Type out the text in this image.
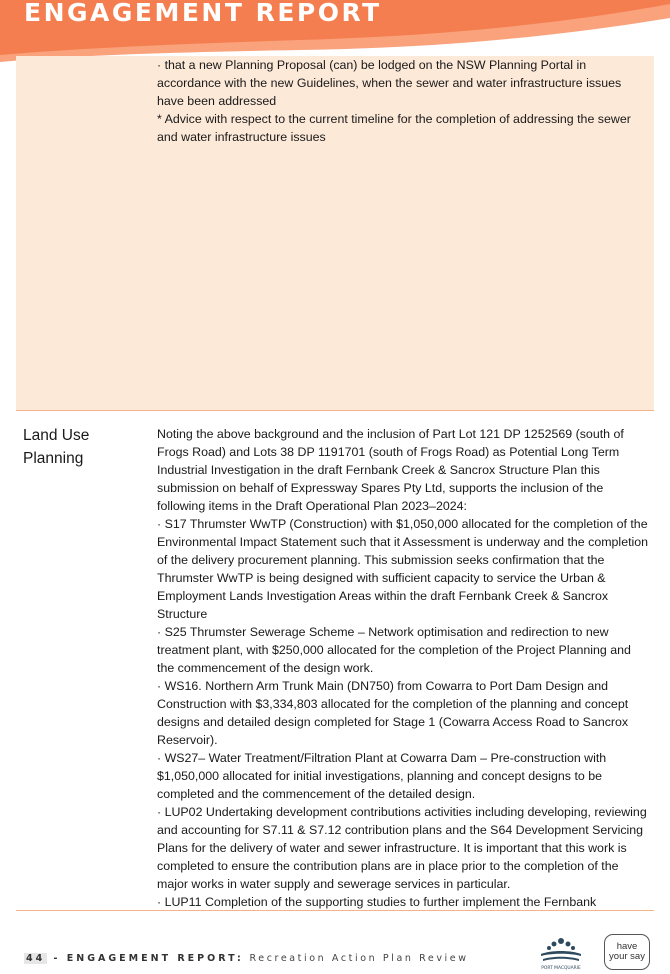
ENGAGEMENT REPORT

· that a new Planning Proposal (can) be lodged on the NSW Planning Portal in accordance with the new Guidelines, when the sewer and water infrastructure issues have been addressed

* Advice with respect to the current timeline for the completion of addressing the sewer and water infrastructure issues

Land Use Planning

Noting the above background and the inclusion of Part Lot 121 DP 1252569 (south of Frogs Road) and Lots 38 DP 1191701 (south of Frogs Road) as Potential Long Term Industrial Investigation in the draft Fernbank Creek & Sancrox Structure Plan this submission on behalf of Expressway Spares Pty Ltd, supports the inclusion of the following items in the Draft Operational Plan 2023–2024:

· S17 Thrumster WwTP (Construction) with $1,050,000 allocated for the completion of the Environmental Impact Statement such that it Assessment is underway and the completion of the delivery procurement planning. This submission seeks confirmation that the Thrumster WwTP is being designed with sufficient capacity to service the Urban & Employment Lands Investigation Areas within the draft Fernbank Creek & Sancrox Structure

· S25 Thrumster Sewerage Scheme – Network optimisation and redirection to new treatment plant, with $250,000 allocated for the completion of the Project Planning and the commencement of the design work.

· WS16. Northern Arm Trunk Main (DN750) from Cowarra to Port Dam Design and Construction with $3,334,803 allocated for the completion of the planning and concept designs and detailed design completed for Stage 1 (Cowarra Access Road to Sancrox Reservoir).

· WS27– Water Treatment/Filtration Plant at Cowarra Dam – Pre-construction with $1,050,000 allocated for initial investigations, planning and concept designs to be completed and the commencement of the detailed design.

· LUP02 Undertaking development contributions activities including developing, reviewing and accounting for S7.11 & S7.12 contribution plans and the S64 Development Servicing Plans for the delivery of water and sewer infrastructure. It is important that this work is completed to ensure the contribution plans are in place prior to the completion of the major works in water supply and sewerage services in particular.

· LUP11 Completion of the supporting studies to further implement the Fernbank

44 - ENGAGEMENT REPORT: Recreation Action Plan Review
PORT MACQUARIE
have
your say
